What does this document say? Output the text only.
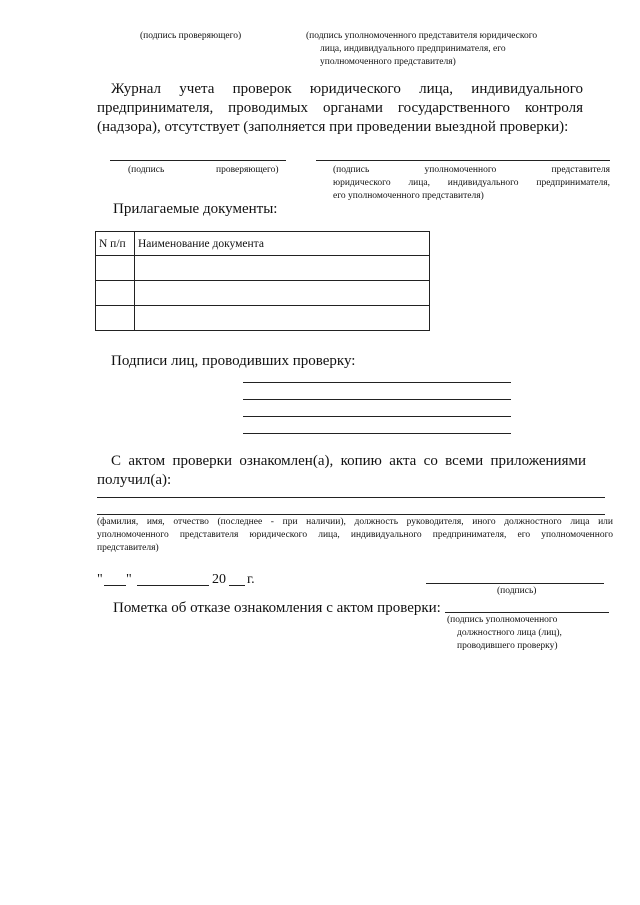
(подпись проверяющего)	(подпись уполномоченного представителя юридического
лица, индивидуального предпринимателя, его
уполномоченного представителя)
Журнал учета проверок юридического лица, индивидуального
предпринимателя, проводимых органами государственного контроля
(надзора), отсутствует (заполняется при проведении выездной проверки):
(подпись	проверяющего)	(подпись уполномоченного представителя
юридического лица, индивидуального предпринимателя,
его уполномоченного представителя)
Прилагаемые документы:
N п/п	Наименование документа

Подписи лиц, проводивших проверку:
С актом проверки ознакомлен(а), копию акта со всеми приложениями
получил(а):
(фамилия, имя, отчество (последнее - при наличии), должность руководителя, иного должностного лица или
уполномоченного представителя юридического лица, индивидуального предпринимателя, его уполномоченного
представителя)
" "	20 г.
(подпись)
Пометка об отказе ознакомления с актом проверки:
(подпись уполномоченного
должностного лица (лиц),
проводившего проверку)
